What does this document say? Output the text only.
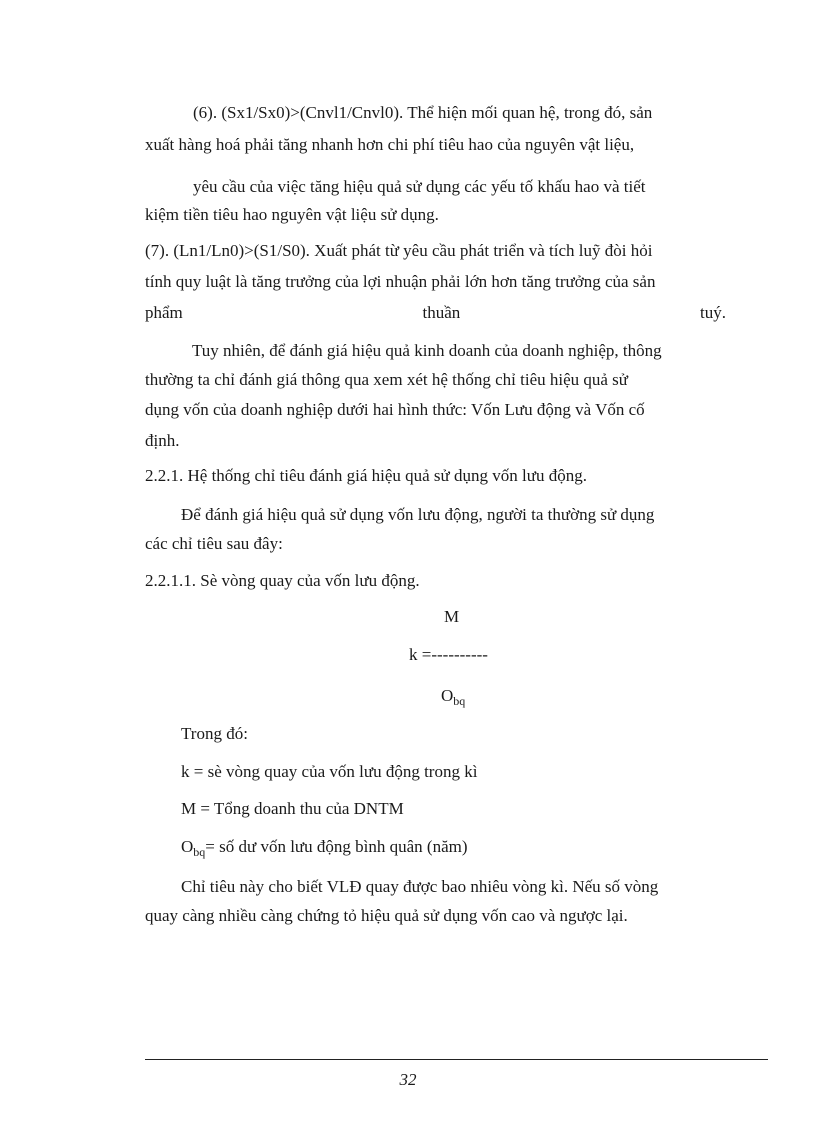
(6). (Sx1/Sx0)>(Cnvl1/Cnvl0). Thể hiện mối quan hệ, trong đó, sản
xuất hàng hoá phải tăng nhanh hơn chi phí tiêu hao của nguyên vật liệu,
yêu cầu của việc tăng hiệu quả sử dụng các yếu tố khấu hao và tiết
kiệm tiền tiêu hao nguyên vật liệu sử dụng.
(7). (Ln1/Ln0)>(S1/S0). Xuất phát từ yêu cầu phát triển và tích luỹ đòi hỏi
tính quy luật là tăng trưởng của lợi nhuận phải lớn hơn tăng trưởng của sản
phẩm	thuần	tuý.
Tuy nhiên, để đánh giá hiệu quả kinh doanh của doanh nghiệp, thông
thường ta chỉ đánh giá thông qua xem xét hệ thống chỉ tiêu hiệu quả sử
dụng vốn của doanh nghiệp dưới hai hình thức: Vốn Lưu động và Vốn cố
định.
2.2.1. Hệ thống chỉ tiêu đánh giá hiệu quả sử dụng vốn lưu động.
Để đánh giá hiệu quả sử dụng vốn lưu động, người ta thường sử dụng
các chỉ tiêu sau đây:
2.2.1.1. Sè vòng quay của vốn lưu động.
M
k =----------
$O_{bq}$
Trong đó:
k = sè vòng quay của vốn lưu động trong kì
M = Tổng doanh thu của DNTM
$O_{bq}=$ số dư vốn lưu động bình quân (năm)
Chỉ tiêu này cho biết VLĐ quay được bao nhiêu vòng kì. Nếu số vòng
quay càng nhiều càng chứng tỏ hiệu quả sử dụng vốn cao và ngược lại.
32
